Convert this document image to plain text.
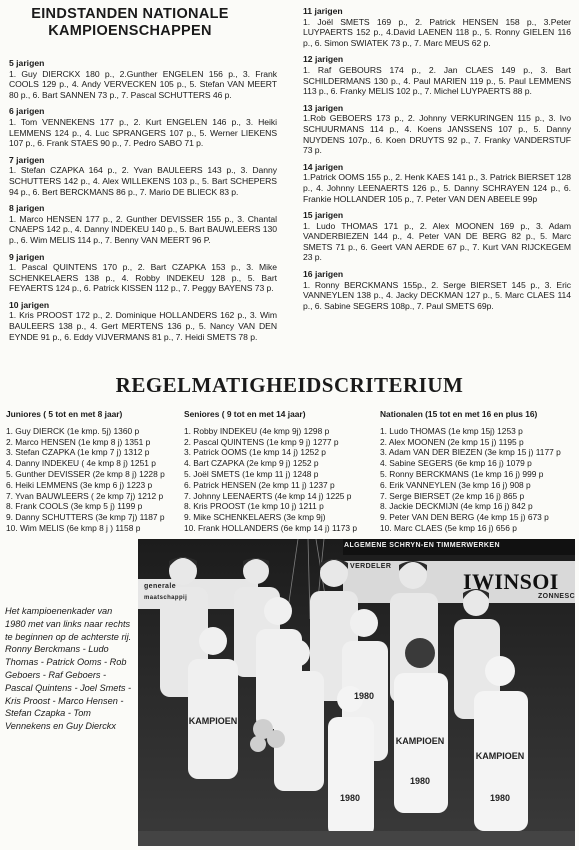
EINDSTANDEN NATIONALE KAMPIOENSCHAPPEN
5 jarigen
1. Guy DIERCKX 180 p., 2.Gunther ENGELEN 156 p., 3. Frank COOLS 129 p., 4. Andy VERVECKEN 105 p., 5. Stefan VAN MEERT 80 p., 6. Bart SANNEN 73 p., 7. Pascal SCHUTTERS 46 p.
6 jarigen
1. Tom VENNEKENS 177 p., 2. Kurt ENGELEN 146 p., 3. Heiki LEMMENS 124 p., 4. Luc SPRANGERS 107 p., 5. Werner LIEKENS 107 p., 6. Frank STAES 90 p., 7. Pedro SABO 71 p.
7 jarigen
1. Stefan CZAPKA 164 p., 2. Yvan BAULEERS 143 p., 3. Danny SCHUTTERS 142 p., 4. Alex WILLEKENS 103 p., 5. Bart SCHEPERS 94 p., 6. Bert BERCKMANS 86 p., 7. Mario DE BLIECK 83 p.
8 jarigen
1. Marco HENSEN 177 p., 2. Gunther DEVISSER 155 p., 3. Chantal CNAEPS 142 p., 4. Danny INDEKEU 140 p., 5. Bart BAUWLEERS 130 p., 6. Wim MELIS 114 p., 7. Benny VAN MEERT 96 P.
9 jarigen
1. Pascal QUINTENS 170 p., 2. Bart CZAPKA 153 p., 3. Mike SCHENKELAERS 138 p., 4. Robby INDEKEU 128 p., 5. Bart FEYAERTS 124 p., 6. Patrick KISSEN 112 p., 7. Peggy BAYENS 73 p.
10 jarigen
1. Kris PROOST 172 p., 2. Dominique HOLLANDERS 162 p., 3. Wim BAULEERS 138 p., 4. Gert MERTENS 136 p., 5. Nancy VAN DEN EYNDE 91 p., 6. Eddy VIJVERMANS 81 p., 7. Heidi SMETS 78 p.
11 jarigen
1. Joël SMETS 169 p., 2. Patrick HENSEN 158 p., 3.Peter LUYPAERTS 152 p., 4.David LAENEN 118 p., 5. Ronny GIELEN 116 p., 6. Simon SWIATEK 73 p., 7. Marc MEUS 62 p.
12 jarigen
1. Raf GEBOURS 174 p., 2. Jan CLAES 149 p., 3. Bart SCHILDERMANS 130 p., 4. Paul MARIEN 119 p., 5. Paul LEMMENS 113 p., 6. Franky MELIS 102 p., 7. Michel LUYPAERTS 88 p.
13 jarigen
1.Rob GEBOERS 173 p., 2. Johnny VERKURINGEN 115 p., 3. Ivo SCHUURMANS 114 p., 4. Koens JANSSENS 107 p., 5. Danny NUYDENS 107p., 6. Koen DRUYTS 92 p., 7. Franky VANDERSTUF 73 p.
14 jarigen
1.Patrick OOMS 155 p., 2. Henk KAES 141 p., 3. Patrick BIERSET 128 p., 4. Johnny LEENAERTS 126 p., 5. Danny SCHRAYEN 124 p., 6. Frankie HOLLANDER 105 p., 7. Peter VAN DEN ABEELE 99p
15 jarigen
1. Ludo THOMAS 171 p., 2. Alex MOONEN 169 p., 3. Adam VANDERBIEZEN 144 p., 4. Peter VAN DE BERG 82 p., 5. Marc SMETS 71 p., 6. Geert VAN AERDE 67 p., 7. Kurt VAN RIJCKEGEM 23 p.
16 jarigen
1. Ronny BERCKMANS 155p., 2. Serge BIERSET 145 p., 3. Eric VANNEYLEN 138 p., 4. Jacky DECKMAN 127 p., 5. Marc CLAES 114 p., 6. Sabine SEGERS 108p., 7. Paul SMETS 69p.
REGELMATIGHEIDSCRITERIUM
Juniores ( 5 tot en met 8 jaar)
1. Guy DIERCK (1e kmp. 5j) 1360 p
2. Marco HENSEN (1e kmp 8 j) 1351 p
3. Stefan CZAPKA (1e kmp 7 j) 1312 p
4. Danny INDEKEU ( 4e kmp 8 j) 1251 p
5. Gunther DEVISSER (2e kmp 8 j) 1228 p
6. Heiki LEMMENS (3e kmp 6 j) 1223 p
7. Yvan BAUWLEERS ( 2e kmp 7j) 1212 p
8. Frank COOLS (3e kmp 5 j) 1199 p
9. Danny SCHUTTERS (3e kmp 7j) 1187 p
10. Wim MELIS (6e kmp 8 j ) 1158 p
Seniores ( 9 tot en met 14 jaar)
1. Robby INDEKEU (4e kmp 9j) 1298 p
2. Pascal QUINTENS (1e kmp 9 j) 1277 p
3. Patrick OOMS (1e kmp 14 j) 1252 p
4. Bart CZAPKA (2e kmp 9 j) 1252 p
5. Joël SMETS (1e kmp 11 j) 1248 p
6. Patrick HENSEN (2e kmp 11 j) 1237 p
7. Johnny LEENAERTS (4e kmp 14 j) 1225 p
8. Kris PROOST (1e kmp 10 j) 1211 p
9. Mike SCHENKELAERS (3e kmp 9j)
10. Frank HOLLANDERS (6e kmp 14 j) 1173 p
Nationalen (15 tot en met 16 en plus 16)
1. Ludo THOMAS (1e kmp 15j) 1253 p
2. Alex MOONEN (2e kmp 15 j) 1195 p
3. Adam VAN DER BIEZEN (3e kmp 15 j) 1177 p
4. Sabine SEGERS (6e kmp 16 j) 1079 p
5. Ronny BERCKMANS (1e kmp 16 j) 999 p
6. Erik VANNEYLEN (3e kmp 16 j) 908 p
7. Serge BIERSET (2e kmp 16 j) 865 p
8. Jackie DECKMIJN (4e kmp 16 j) 842 p
9. Peter VAN DEN BERG (4e kmp 15 j) 673 p
10. Marc CLAES (5e kmp 16 j) 656 p
Het kampioenenkader van 1980 met van links naar rechts te beginnen op de achterste rij. Ronny Berckmans - Ludo Thomas - Patrick Ooms - Rob Geboers - Raf Geboers - Pascal Quintens - Joel Smets - Kris Proost - Marco Hensen - Stefan Czapka - Tom Vennekens en Guy Dierckx
KAMPIOEN
1980
KAMPIOEN
1980
KAMPIOEN
1980
1980
ALGEMENE SCHRYN-EN TIMMERWERKEN
VERDELER
IWINSOI
generale
maatschappij	ZONNESC
